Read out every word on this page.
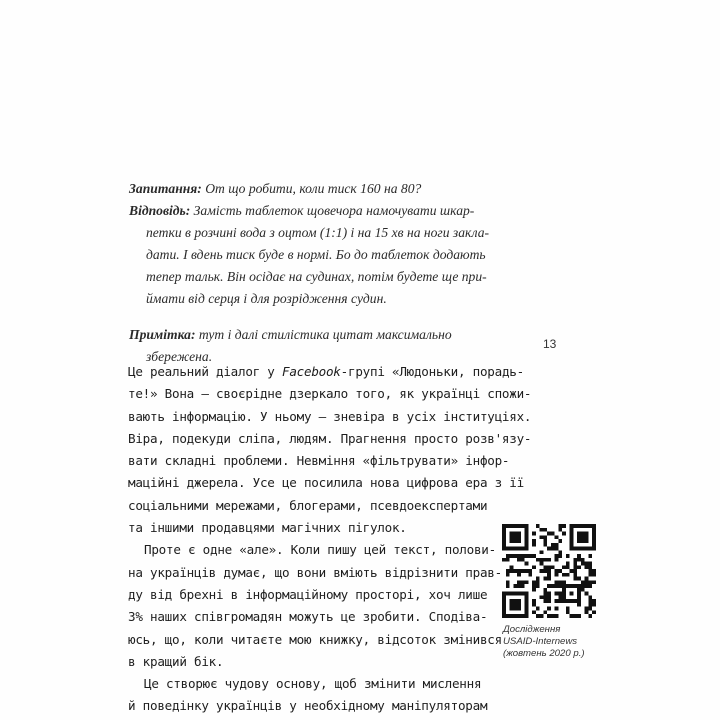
Запитання: От що робити, коли тиск 160 на 80?
Відповідь: Замість таблеток щовечора намочувати шкар-
петки в розчині вода з оцтом (1:1) і на 15 хв на ноги закла-
дати. І вдень тиск буде в нормі. Бо до таблеток додають
тепер тальк. Він осідає на судинах, потім будете ще при-
ймати від серця і для розрідження судин.
Примітка: тут і далі стилістика цитат максимально
збережена.
13
Це реальний діалог у Facebook-групі «Людоньки, порадь-
те!» Вона — своєрідне дзеркало того, як українці спожи-
вають інформацію. У ньому — зневіра в усіх інституціях.
Віра, подекуди сліпа, людям. Прагнення просто розв'язу-
вати складні проблеми. Невміння «фільтрувати» інфор-
маційні джерела. Усе це посилила нова цифрова ера з її
соціальними мережами, блогерами, псевдоекспертами
та іншими продавцями магічних пігулок.
Проте є одне «але». Коли пишу цей текст, полови-
на українців думає, що вони вміють відрізнити прав-
ду від брехні в інформаційному просторі, хоч лише
3% наших співгромадян можуть це зробити. Сподіва-
юсь, що, коли читаєте мою книжку, відсоток змінився
в кращий бік.
Це створює чудову основу, щоб змінити мислення
й поведінку українців у необхідному маніпуляторам
Дослідження
USAID-Internews
(жовтень 2020 р.)
